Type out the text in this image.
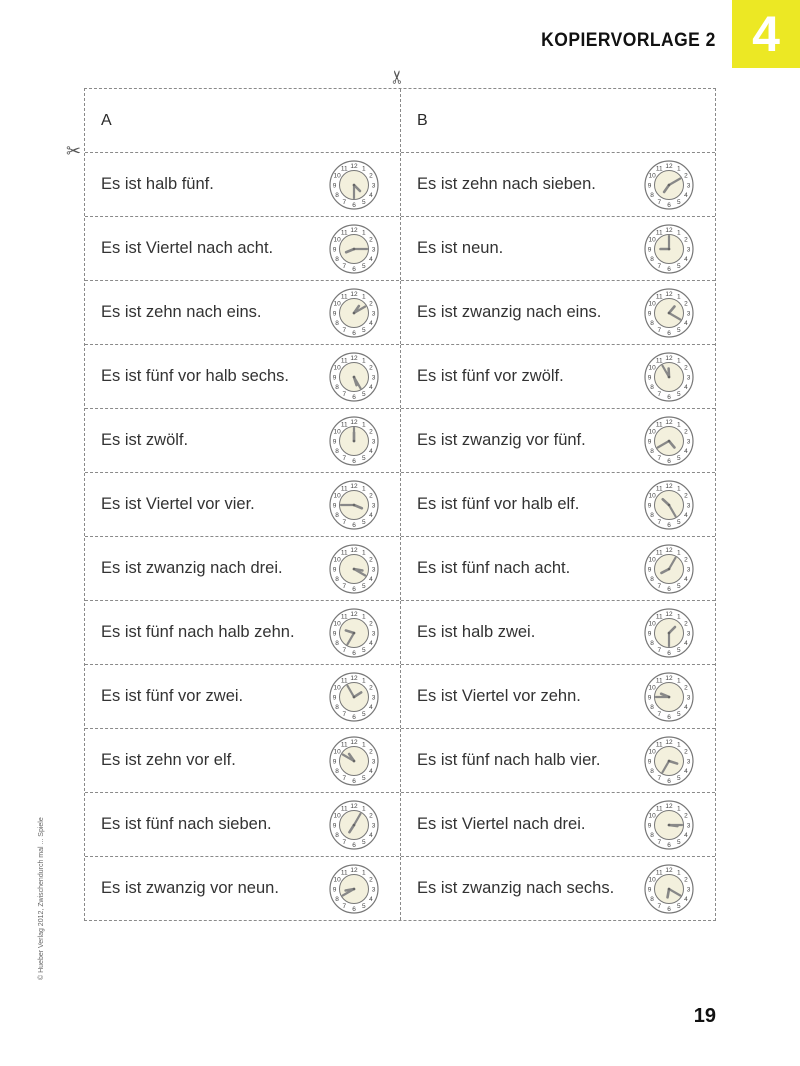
KOPIERVORLAGE 2 4
✂
✂
A	B
Es ist halb fünf.
12 1
2
3
4
5
6
7
8
9
10
11
Es ist zehn nach sieben.
12 1
2
3
4
5
6
7
8
9
10
11
Es ist Viertel nach acht.
12 1
2
3
4
5
6
7
8
9
10
11
Es ist neun.
12 1
2
3
4
5
6
7
8
9
10
11
Es ist zehn nach eins.
12 1
2
3
4
5
6
7
8
9
10
11
Es ist zwanzig nach eins.
12 1
2
3
4
5
6
7
8
9
10
11
Es ist fünf vor halb sechs.
12 1
2
3
4
5
6
7
8
9
10
11
Es ist fünf vor zwölf.
12 1
2
3
4
5
6
7
8
9
10
11
Es ist zwölf.
12 1
2
3
4
5
6
7
8
9
10
11
Es ist zwanzig vor fünf.
12 1
2
3
4
5
6
7
8
9
10
11
Es ist Viertel vor vier.
12 1
2
3
4
5
6
7
8
9
10
11
Es ist fünf vor halb elf.
12 1
2
3
4
5
6
7
8
9
10
11
Es ist zwanzig nach drei.
12 1
2
3
4
5
6
7
8
9
10
11
Es ist fünf nach acht.
12 1
2
3
4
5
6
7
8
9
10
11
Es ist fünf nach halb zehn.
12 1
2
3
4
5
6
7
8
9
10
11
Es ist halb zwei.
12 1
2
3
4
5
6
7
8
9
10
11
Es ist fünf vor zwei.
12 1
2
3
4
5
6
7
8
9
10
11
Es ist Viertel vor zehn.
12 1
2
3
4
5
6
7
8
9
10
11
Es ist zehn vor elf.
12 1
2
3
4
5
6
7
8
9
10
11
Es ist fünf nach halb vier.
12 1
2
3
4
5
6
7
8
9
10
11
Es ist fünf nach sieben.
12 1
2
3
4
5
6
7
8
9
10
11
Es ist Viertel nach drei.
12 1
2
3
4
5
6
7
8
9
10
11
Es ist zwanzig vor neun.
12 1
2
3
4
5
6
7
8
9
10
11
Es ist zwanzig nach sechs.
12 1
2
3
4
5
6
7
8
9
10
11
19
© Hueber Verlag 2012, Zwischendurch mal ... Spiele
